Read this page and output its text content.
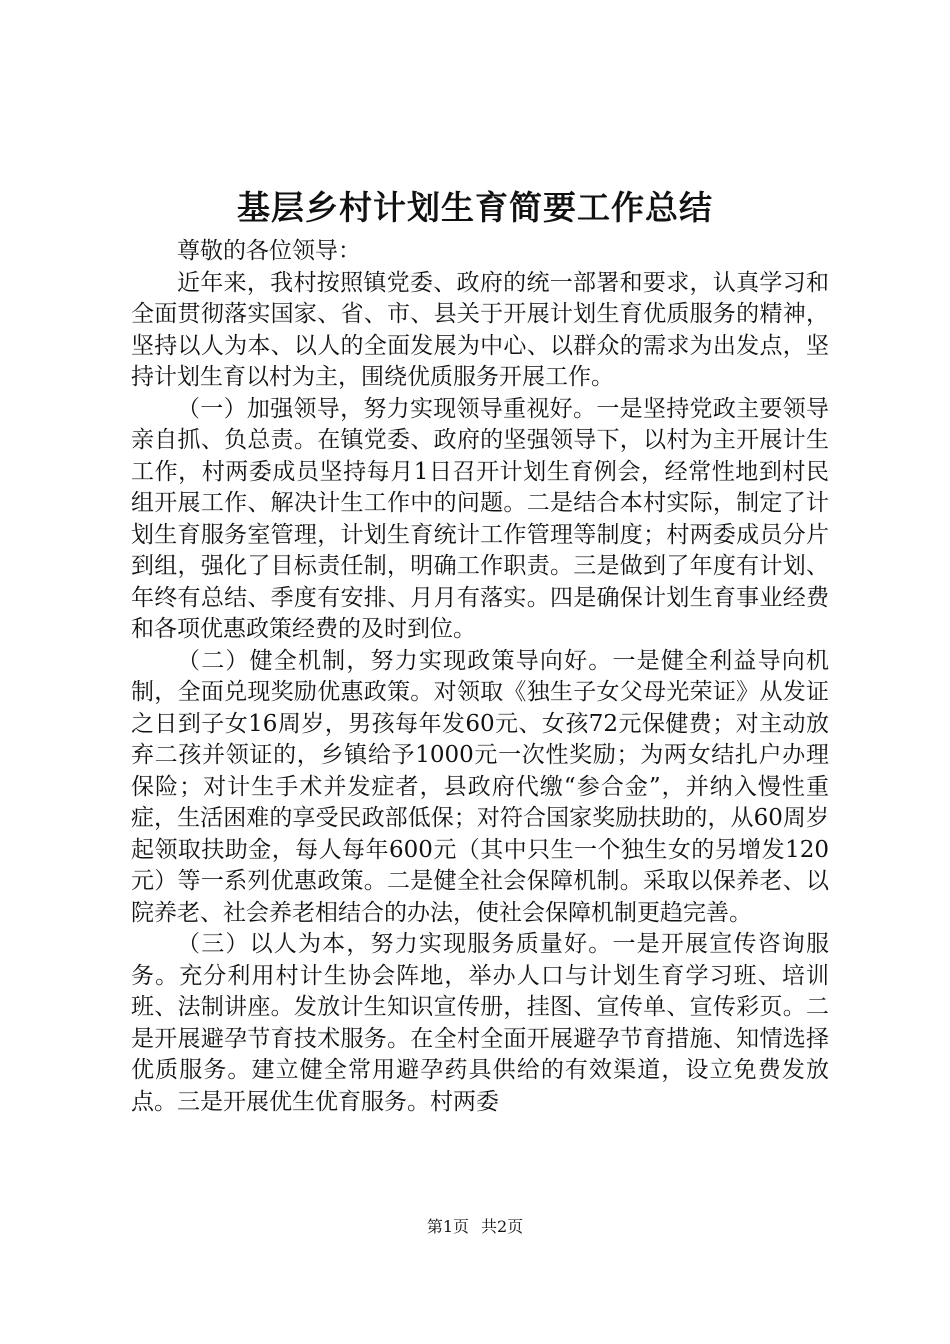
基层乡村计划生育简要工作总结

尊敬的各位领导：

近年来，我村按照镇党委、政府的统一部署和要求，认真学习和全面贯彻落实国家、省、市、县关于开展计划生育优质服务的精神，坚持以人为本、以人的全面发展为中心、以群众的需求为出发点，坚持计划生育以村为主，围绕优质服务开展工作。

（一）加强领导，努力实现领导重视好。一是坚持党政主要领导亲自抓、负总责。在镇党委、政府的坚强领导下，以村为主开展计生工作，村两委成员坚持每月1日召开计划生育例会，经常性地到村民组开展工作、解决计生工作中的问题。二是结合本村实际，制定了计划生育服务室管理，计划生育统计工作管理等制度；村两委成员分片到组，强化了目标责任制，明确工作职责。三是做到了年度有计划、年终有总结、季度有安排、月月有落实。四是确保计划生育事业经费和各项优惠政策经费的及时到位。

（二）健全机制，努力实现政策导向好。一是健全利益导向机制，全面兑现奖励优惠政策。对领取《独生子女父母光荣证》从发证之日到子女16周岁，男孩每年发60元、女孩72元保健费；对主动放弃二孩并领证的，乡镇给予1000元一次性奖励；为两女结扎户办理保险；对计生手术并发症者，县政府代缴“参合金”，并纳入慢性重症，生活困难的享受民政部低保；对符合国家奖励扶助的，从60周岁起领取扶助金，每人每年600元（其中只生一个独生女的另增发120元）等一系列优惠政策。二是健全社会保障机制。采取以保养老、以院养老、社会养老相结合的办法，使社会保障机制更趋完善。

（三）以人为本，努力实现服务质量好。一是开展宣传咨询服务。充分利用村计生协会阵地，举办人口与计划生育学习班、培训班、法制讲座。发放计生知识宣传册，挂图、宣传单、宣传彩页。二是开展避孕节育技术服务。在全村全面开展避孕节育措施、知情选择优质服务。建立健全常用避孕药具供给的有效渠道，设立免费发放点。三是开展优生优育服务。村两委

第1页 共2页
